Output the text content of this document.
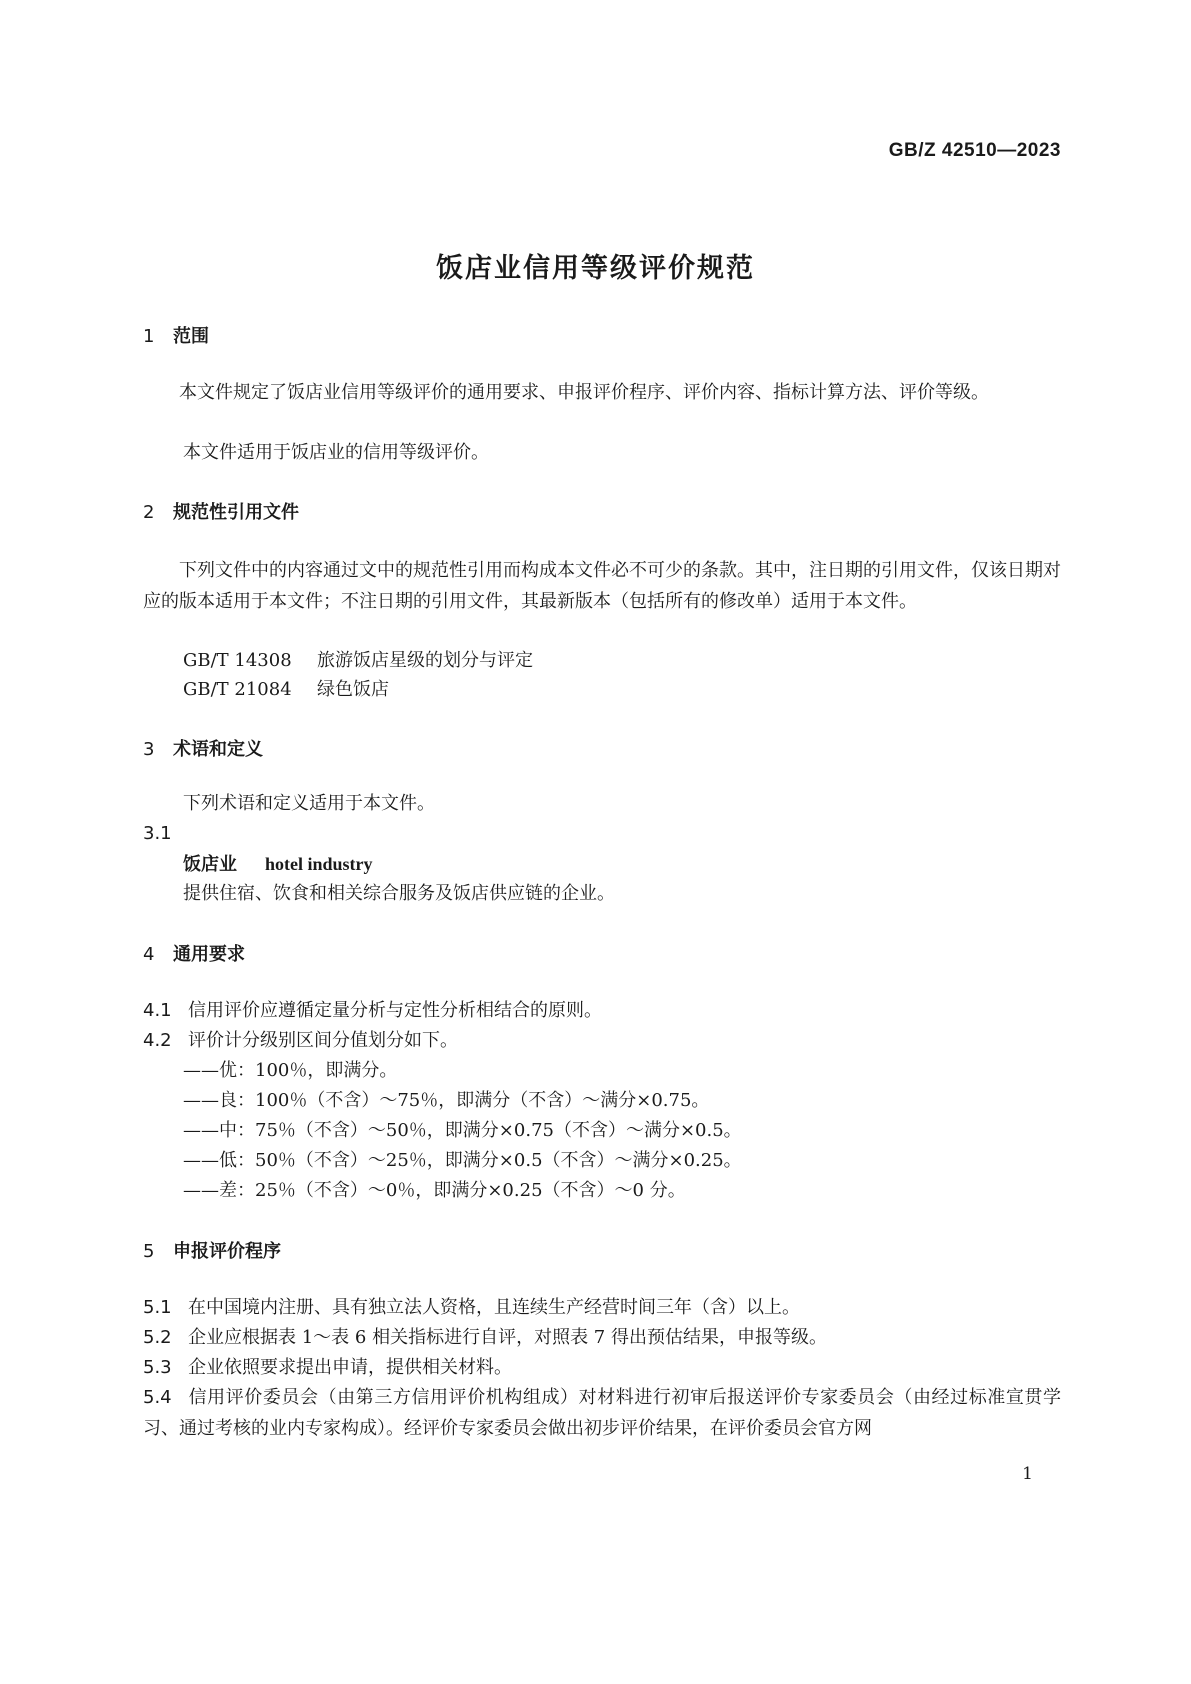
GB/Z 42510—2023
饭店业信用等级评价规范
1 范围
本文件规定了饭店业信用等级评价的通用要求、申报评价程序、评价内容、指标计算方法、评价等级。
本文件适用于饭店业的信用等级评价。
2 规范性引用文件
下列文件中的内容通过文中的规范性引用而构成本文件必不可少的条款。其中，注日期的引用文件，仅该日期对应的版本适用于本文件；不注日期的引用文件，其最新版本（包括所有的修改单）适用于本文件。
GB/T 14308 旅游饭店星级的划分与评定
GB/T 21084 绿色饭店
3 术语和定义
下列术语和定义适用于本文件。
3.1
饭店业 hotel industry
提供住宿、饮食和相关综合服务及饭店供应链的企业。
4 通用要求
4.1 信用评价应遵循定量分析与定性分析相结合的原则。
4.2 评价计分级别区间分值划分如下。
——优：100％，即满分。
——良：100％（不含）～75％，即满分（不含）～满分×0.75。
——中：75％（不含）～50％，即满分×0.75（不含）～满分×0.5。
——低：50％（不含）～25％，即满分×0.5（不含）～满分×0.25。
——差：25％（不含）～0％，即满分×0.25（不含）～0 分。
5 申报评价程序
5.1 在中国境内注册、具有独立法人资格，且连续生产经营时间三年（含）以上。
5.2 企业应根据表 1～表 6 相关指标进行自评，对照表 7 得出预估结果，申报等级。
5.3 企业依照要求提出申请，提供相关材料。
5.4 信用评价委员会（由第三方信用评价机构组成）对材料进行初审后报送评价专家委员会（由经过标准宣贯学习、通过考核的业内专家构成）。经评价专家委员会做出初步评价结果，在评价委员会官方网
1
